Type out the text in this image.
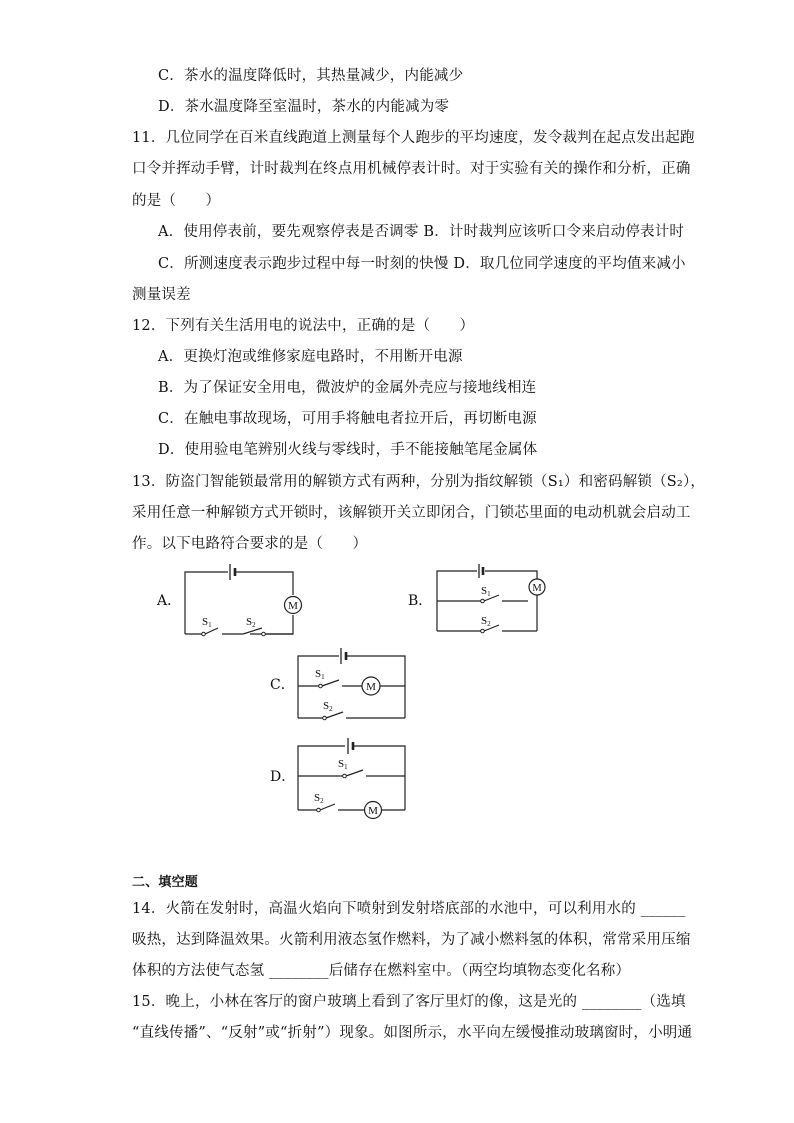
C．茶水的温度降低时，其热量减少，内能减少
D．茶水温度降至室温时，茶水的内能减为零
11．几位同学在百米直线跑道上测量每个人跑步的平均速度，发令裁判在起点发出起跑
口令并挥动手臂，计时裁判在终点用机械停表计时。对于实验有关的操作和分析，正确
的是（　　）
A．使用停表前，要先观察停表是否调零 B．计时裁判应该听口令来启动停表计时
C．所测速度表示跑步过程中每一时刻的快慢 D．取几位同学速度的平均值来减小
测量误差
12．下列有关生活用电的说法中，正确的是（　　）
A．更换灯泡或维修家庭电路时，不用断开电源
B．为了保证安全用电，微波炉的金属外壳应与接地线相连
C．在触电事故现场，可用手将触电者拉开后，再切断电源
D．使用验电笔辨别火线与零线时，手不能接触笔尾金属体
13．防盗门智能锁最常用的解锁方式有两种，分别为指纹解锁（S₁）和密码解锁（S₂），
采用任意一种解锁方式开锁时，该解锁开关立即闭合，门锁芯里面的电动机就会启动工
作。以下电路符合要求的是（　　）
A．	B．
C．
D．
M
S1	S2
M
S1
S2
M
S1
S2
M
S1
S2
二、填空题
14．火箭在发射时，高温火焰向下喷射到发射塔底部的水池中，可以利用水的 ______
吸热，达到降温效果。火箭利用液态氢作燃料，为了减小燃料氢的体积，常常采用压缩
体积的方法使气态氢 ________后储存在燃料室中。（两空均填物态变化名称）
15．晚上，小林在客厅的窗户玻璃上看到了客厅里灯的像，这是光的 ________（选填
“直线传播”、“反射”或“折射”）现象。如图所示，水平向左缓慢推动玻璃窗时，小明通
